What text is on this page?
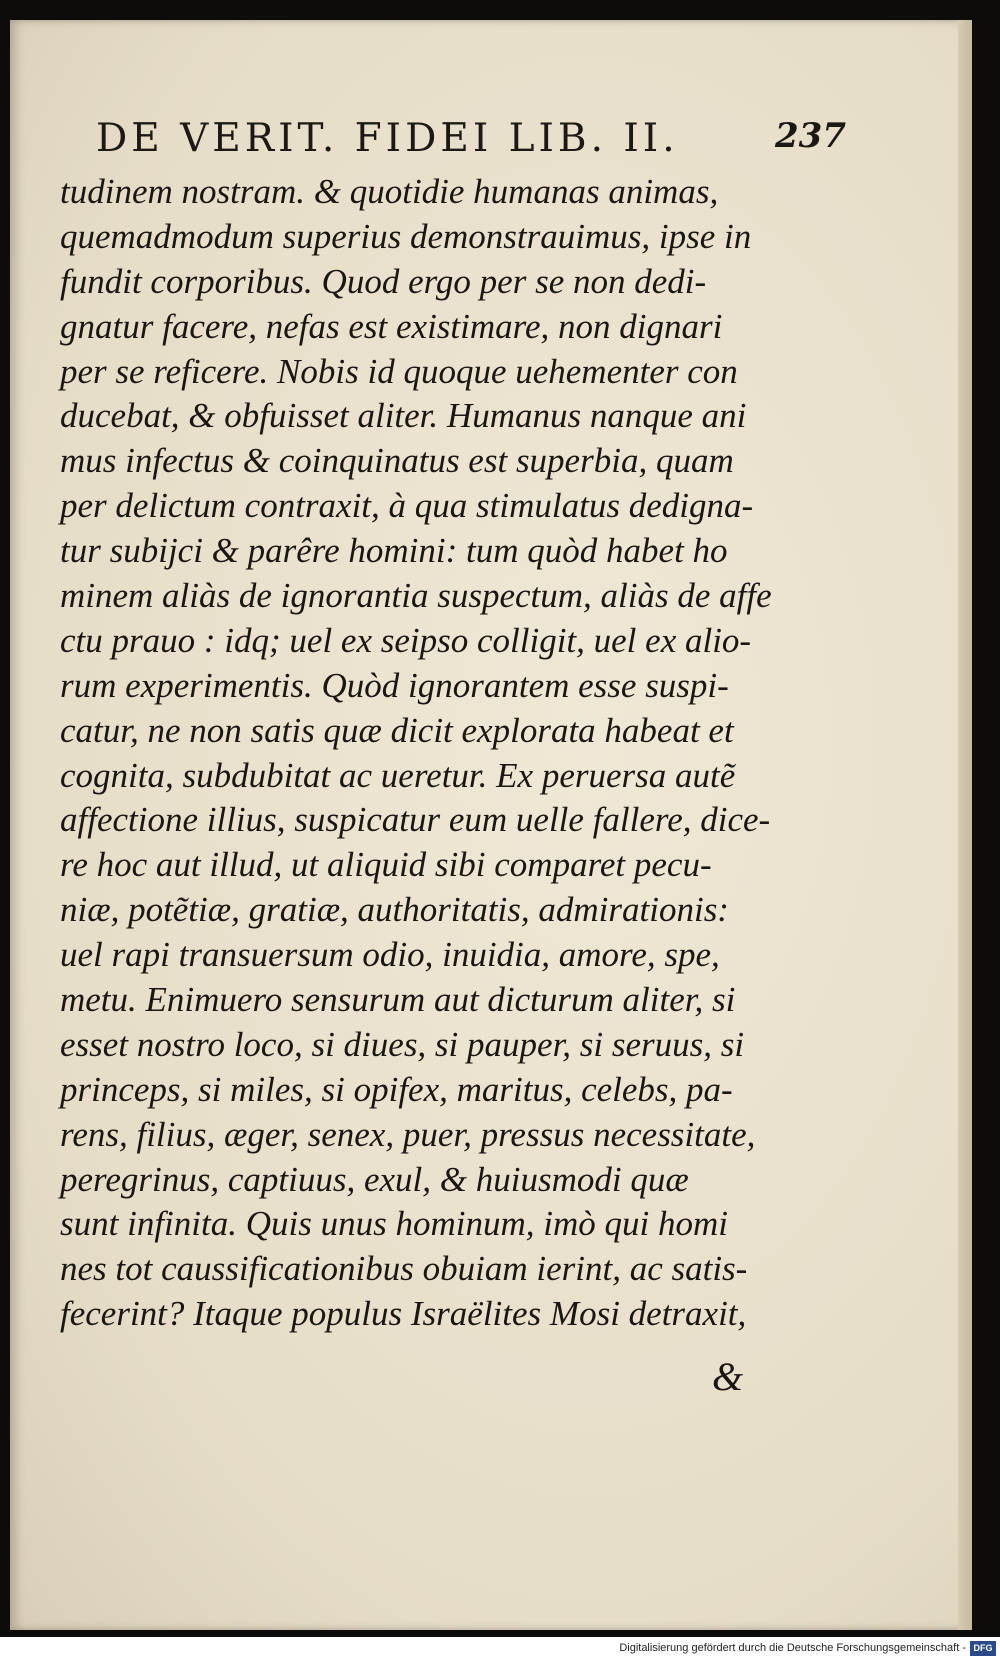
DE VERIT. FIDEI LIB. II.	237
tudinem nostram. & quotidie humanas animas,
quemadmodum superius demonstrauimus, ipse in
fundit corporibus. Quod ergo per se non dedi-
gnatur facere, nefas est existimare, non dignari
per se reficere. Nobis id quoque uehementer con
ducebat, & obfuisset aliter. Humanus nanque ani
mus infectus & coinquinatus est superbia, quam
per delictum contraxit, à qua stimulatus dedigna-
tur subijci & parêre homini: tum quòd habet ho
minem aliàs de ignorantia suspectum, aliàs de affe
ctu prauo : idq; uel ex seipso colligit, uel ex alio-
rum experimentis. Quòd ignorantem esse suspi-
catur, ne non satis quæ dicit explorata habeat et
cognita, subdubitat ac ueretur. Ex peruersa autẽ
affectione illius, suspicatur eum uelle fallere, dice-
re hoc aut illud, ut aliquid sibi comparet pecu-
niæ, potẽtiæ, gratiæ, authoritatis, admirationis:
uel rapi transuersum odio, inuidia, amore, spe,
metu. Enimuero sensurum aut dicturum aliter, si
esset nostro loco, si diues, si pauper, si seruus, si
princeps, si miles, si opifex, maritus, celebs, pa-
rens, filius, æger, senex, puer, pressus necessitate,
peregrinus, captiuus, exul, & huiusmodi quæ
sunt infinita. Quis unus hominum, imò qui homi
nes tot caussificationibus obuiam ierint, ac satis-
fecerint? Itaque populus Israëlites Mosi detraxit,
&
Digitalisierung gefördert durch die Deutsche Forschungsgemeinschaft - DFG
